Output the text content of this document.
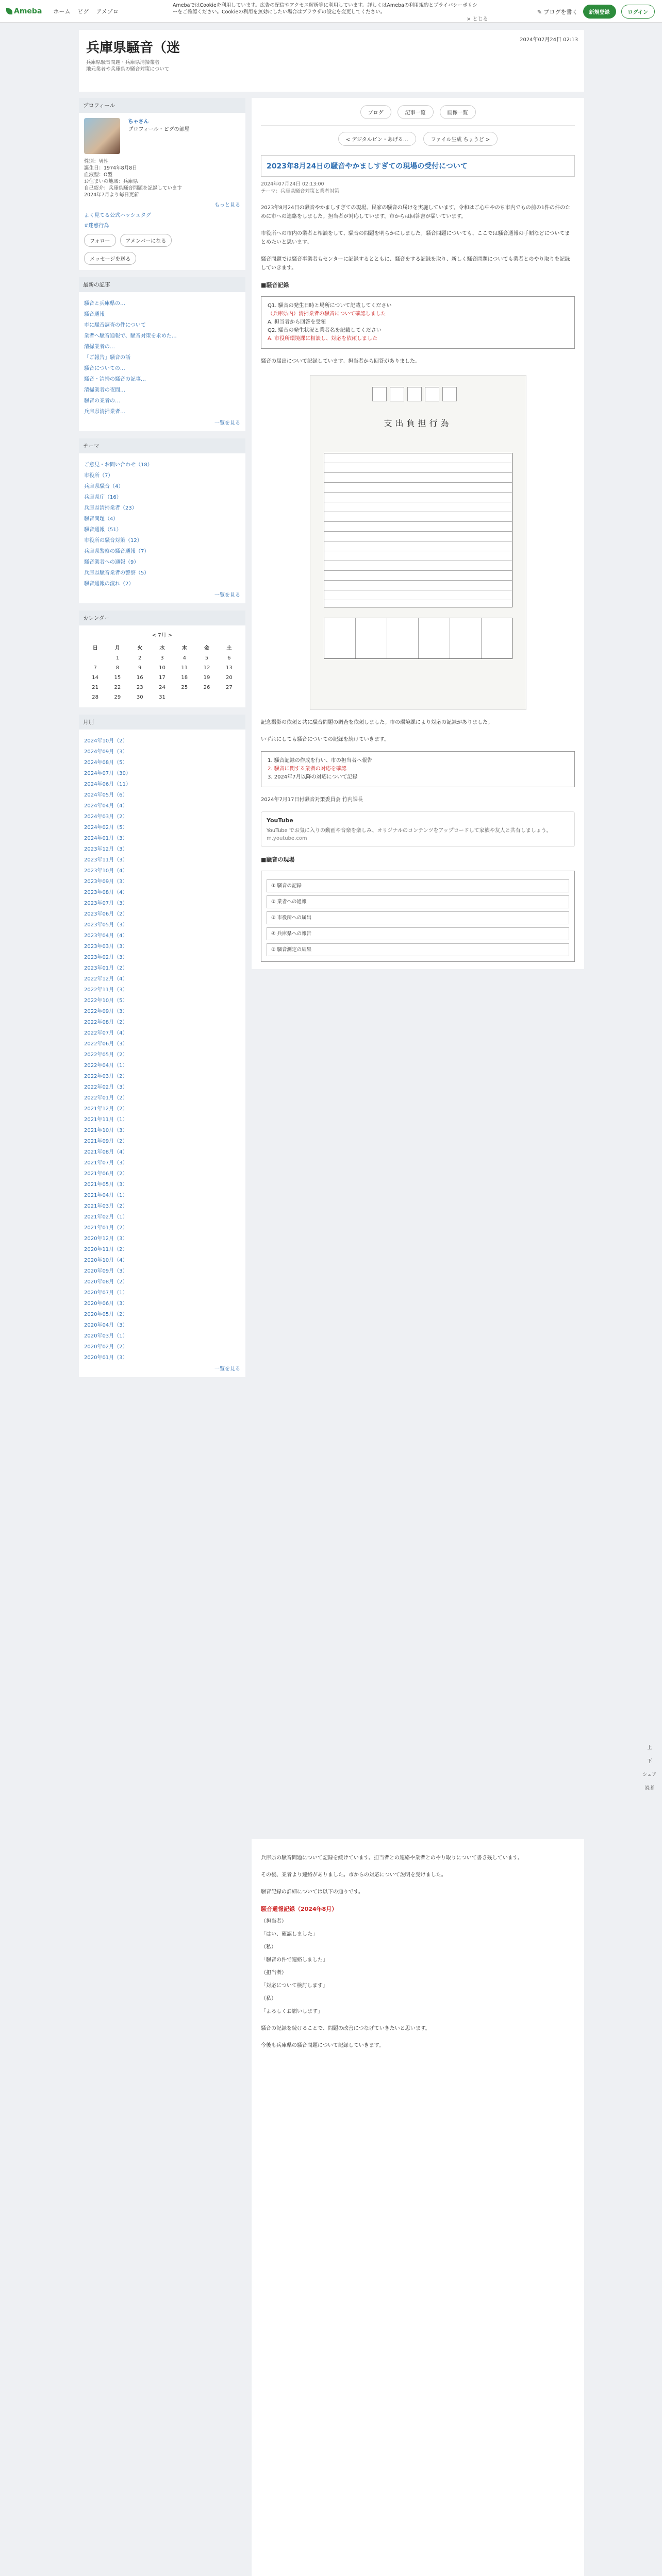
Ameba ホーム ピグ アメブロ
AmebaではCookieを利用しています。広告の配信やアクセス解析等に利用しています。詳しくはAmebaの利用規約とプライバシーポリシーをご確認ください。Cookieの利用を無効にしたい場合はブラウザの設定を変更してください。
× とじる
✎ ブログを書く	新規登録	ログイン
兵庫県騒音（迷
兵庫県騒音問題・兵庫県清掃業者
地元業者や兵庫県の騒音対策について
2024年07月24日 02:13
プロフィール

ちゃさん
プロフィール・ピグの部屋
性別：男性
誕生日：1974年8月8日
血液型：O型
お住まいの地域：兵庫県
自己紹介：兵庫県騒音問題を記録しています
2024年7月より毎日更新
もっと見る
よく見てる公式ハッシュタグ
#迷惑行為
フォロー	アメンバーになる
メッセージを送る
最新の記事
騒音と兵庫県の…
騒音通報
市に騒音調査の件について
業者へ騒音通報で、騒音対策を求めた…
清掃業者の…
「ご報告」騒音の話
騒音についての…
騒音・清掃の騒音の記事…
清掃業者の夜間…
騒音の業者の…
兵庫県清掃業者…
一覧を見る
テーマ
ご意見・お問い合わせ（18）
市役所（7）
兵庫県騒音（4）
兵庫県庁（16）
兵庫県清掃業者（23）
騒音問題（4）
騒音通報（51）
市役所の騒音対策（12）
兵庫県警察の騒音通報（7）
騒音業者への通報（9）
兵庫県騒音業者の警察（5）
騒音通報の流れ（2）
一覧を見る
カレンダー
< 7月 >
日	月	火	水	木	金	土
	1	2	3	4	5	6
7	8	9	10	11	12	13
14	15	16	17	18	19	20
21	22	23	24	25	26	27
28	29	30	31			
月別
2024年10月（2）
2024年09月（3）
2024年08月（5）
2024年07月（30）
2024年06月（11）
2024年05月（6）
2024年04月（4）
2024年03月（2）
2024年02月（5）
2024年01月（3）
2023年12月（3）
2023年11月（3）
2023年10月（4）
2023年09月（3）
2023年08月（4）
2023年07月（3）
2023年06月（2）
2023年05月（3）
2023年04月（4）
2023年03月（3）
2023年02月（3）
2023年01月（2）
2022年12月（4）
2022年11月（3）
2022年10月（5）
2022年09月（3）
2022年08月（2）
2022年07月（4）
2022年06月（3）
2022年05月（2）
2022年04月（1）
2022年03月（2）
2022年02月（3）
2022年01月（2）
2021年12月（2）
2021年11月（1）
2021年10月（3）
2021年09月（2）
2021年08月（4）
2021年07月（3）
2021年06月（2）
2021年05月（3）
2021年04月（1）
2021年03月（2）
2021年02月（1）
2021年01月（2）
2020年12月（3）
2020年11月（2）
2020年10月（4）
2020年09月（3）
2020年08月（2）
2020年07月（1）
2020年06月（3）
2020年05月（2）
2020年04月（3）
2020年03月（1）
2020年02月（2）
2020年01月（3）
一覧を見る
ブログ	記事一覧	画像一覧
< デジタルピン・あげる…	ファイル生成 ちょうど >
2023年8月24日の騒音やかましすぎての現場の受付について
2024年07月24日 02:13:00
テーマ：兵庫県騒音対策と業者対策
2023年8月24日の騒音やかましすぎての現場、民家の騒音の届けを実施しています。令和はご心中やのち市内でもの前の1件の件のために市への連絡をしました。担当者が対応しています。市からは回答書が届いています。
市役所への市内の業者と相談をして、騒音の問題を明らかにしました。騒音問題についても、ここでは騒音通報の手順などについてまとめたいと思います。
騒音問題では騒音事業者もセンターに記録するとともに、騒音をする記録を取り、新しく騒音問題についても業者とのやり取りを記録していきます。
■騒音記録
Q1. 騒音の発生日時と場所について記載してください
（兵庫県内）清掃業者の騒音について確認しました
A. 担当者から回答を受領
Q2. 騒音の発生状況と業者名を記載してください
A. 市役所環境課に相談し、対応を依頼しました
騒音の届出について記録しています。担当者から回答がありました。
支出負担行為
記念撮影の依頼と共に騒音問題の調査を依頼しました。市の環境課により対応の記録がありました。
いずれにしても騒音についての記録を続けていきます。
1. 騒音記録の作成を行い、市の担当者へ報告
2. 騒音に関する業者の対応を確認
3. 2024年7月以降の対応について記録
2024年7月17日付騒音対策委員会 竹内課長
YouTube
YouTube でお気に入りの動画や音楽を楽しみ、オリジナルのコンテンツをアップロードして家族や友人と共有しましょう。
m.youtube.com
■騒音の現場
① 騒音の記録
② 業者への通報
③ 市役所への届出
④ 兵庫県への報告
⑤ 騒音測定の結果
兵庫県の騒音問題について記録を続けています。担当者との連絡や業者とのやり取りについて書き残しています。
その後、業者より連絡がありました。市からの対応について説明を受けました。
騒音記録の詳細については以下の通りです。
騒音通報記録（2024年8月）
（担当者）
「はい、確認しました」
（私）
「騒音の件で連絡しました」
（担当者）
「対応について検討します」
（私）
「よろしくお願いします」
騒音の記録を続けることで、問題の改善につなげていきたいと思います。
今後も兵庫県の騒音問題について記録していきます。
上
下
シェア
読者
